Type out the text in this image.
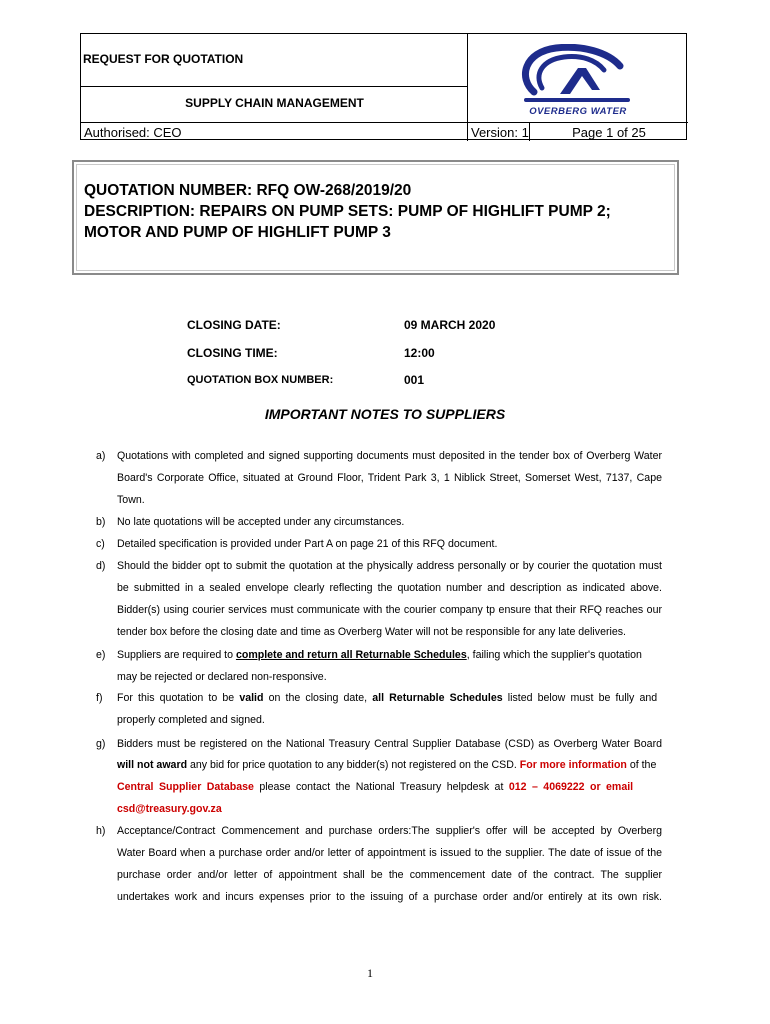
REQUEST FOR QUOTATION
SUPPLY CHAIN MANAGEMENT
Authorised: CEO
OVERBERG WATER
Version: 1	Page 1 of 25
QUOTATION NUMBER: RFQ OW-268/2019/20
DESCRIPTION: REPAIRS ON PUMP SETS: PUMP OF HIGHLIFT PUMP 2;
MOTOR AND PUMP OF HIGHLIFT PUMP 3
CLOSING DATE:	09 MARCH 2020
CLOSING TIME:	12:00
QUOTATION BOX NUMBER:	001
IMPORTANT NOTES TO SUPPLIERS
a) Quotations with completed and signed supporting documents must deposited in the tender box of Overberg Water
Board's Corporate Office, situated at Ground Floor, Trident Park 3, 1 Niblick Street, Somerset West, 7137, Cape
Town.
b) No late quotations will be accepted under any circumstances.
c) Detailed specification is provided under Part A on page 21 of this RFQ document.
d) Should the bidder opt to submit the quotation at the physically address personally or by courier the quotation must
be submitted in a sealed envelope clearly reflecting the quotation number and description as indicated above.
Bidder(s) using courier services must communicate with the courier company tp ensure that their RFQ reaches our
tender box before the closing date and time as Overberg Water will not be responsible for any late deliveries.
e) Suppliers are required to complete and return all Returnable Schedules, failing which the supplier's quotation
may be rejected or declared non-responsive.
f) For this quotation to be valid on the closing date, all Returnable Schedules listed below must be fully and
properly completed and signed.
g) Bidders must be registered on the National Treasury Central Supplier Database (CSD) as Overberg Water Board
will not award any bid for price quotation to any bidder(s) not registered on the CSD. For more information of the
Central Supplier Database please contact the National Treasury helpdesk at 012 – 4069222 or email
csd@treasury.gov.za
h) Acceptance/Contract Commencement and purchase orders:The supplier's offer will be accepted by Overberg
Water Board when a purchase order and/or letter of appointment is issued to the supplier. The date of issue of the
purchase order and/or letter of appointment shall be the commencement date of the contract. The supplier
undertakes work and incurs expenses prior to the issuing of a purchase order and/or entirely at its own risk.
1
